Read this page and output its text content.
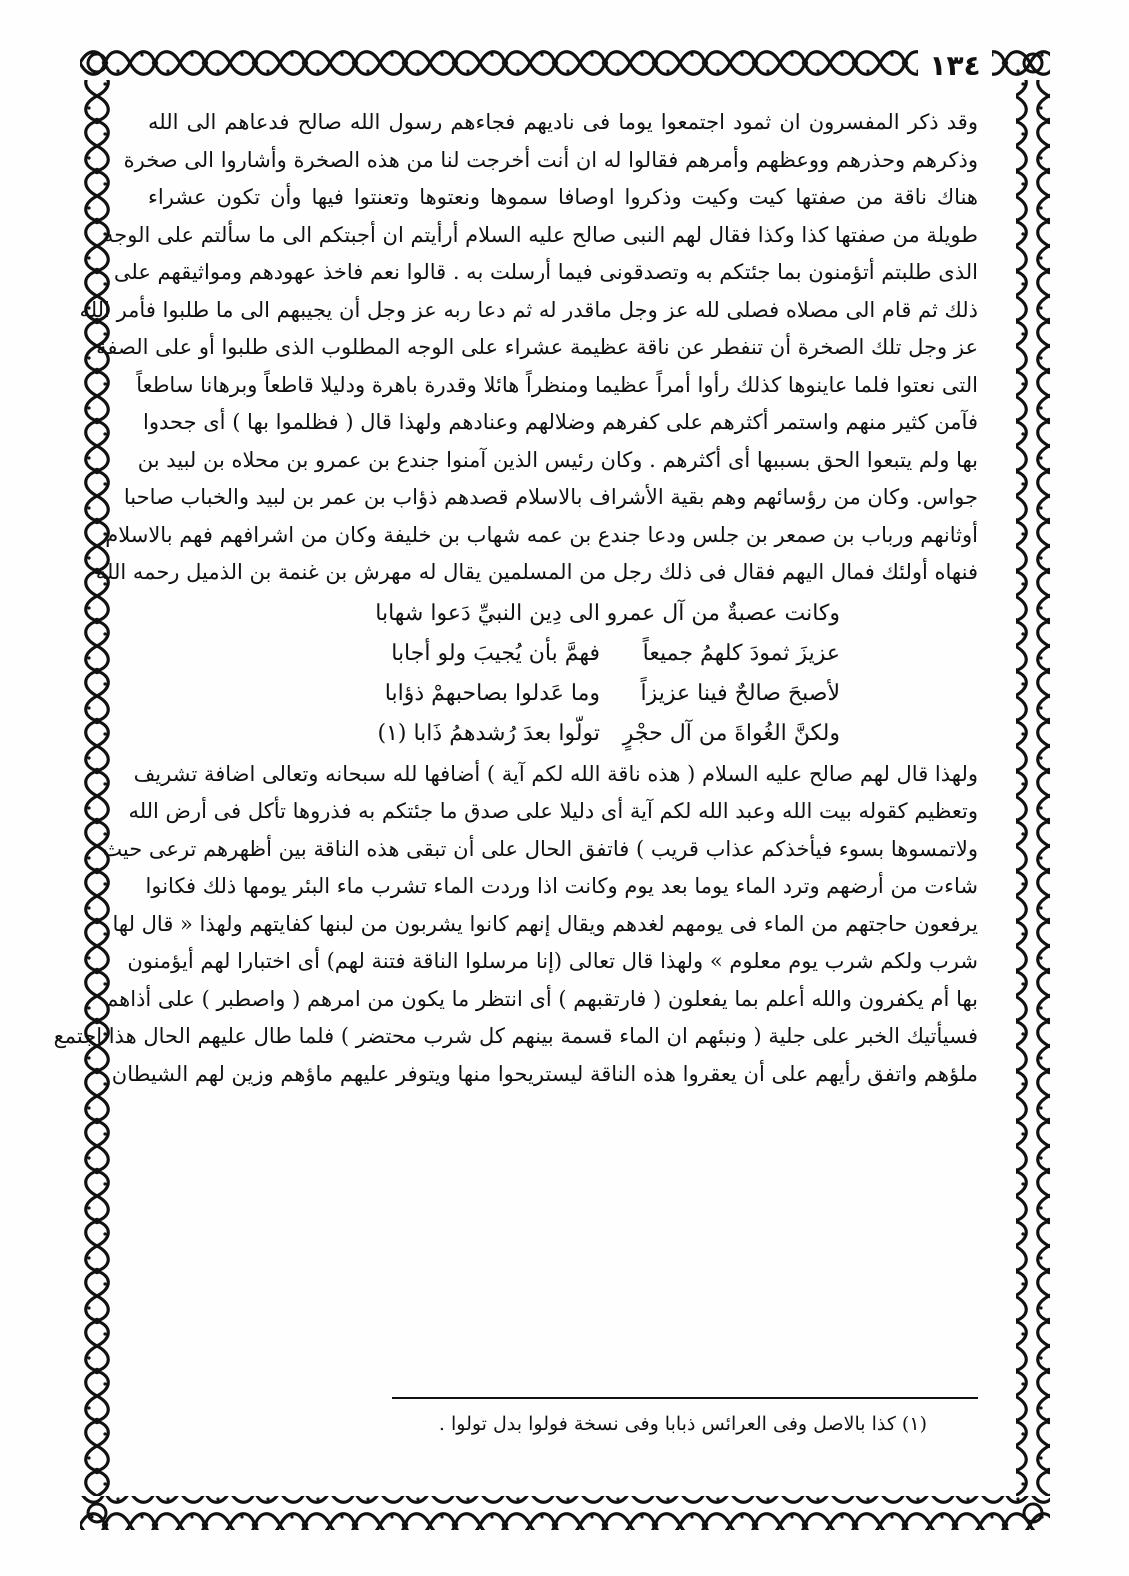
١٣٤
وقد ذكر المفسرون ان ثمود اجتمعوا يوما فى ناديهم فجاءهم رسول الله صالح فدعاهم الى الله
وذكرهم وحذرهم ووعظهم وأمرهم فقالوا له ان أنت أخرجت لنا من هذه الصخرة وأشاروا الى صخرة
هناك ناقة من صفتها كيت وكيت وذكروا اوصافا سموها ونعتوها وتعنتوا فيها وأن تكون عشراء
طويلة من صفتها كذا وكذا فقال لهم النبى صالح عليه السلام أرأيتم ان أجبتكم الى ما سألتم على الوجه
الذى طلبتم أتؤمنون بما جئتكم به وتصدقونى فيما أرسلت به . قالوا نعم فاخذ عهودهم ومواثيقهم على
ذلك ثم قام الى مصلاه فصلى لله عز وجل ماقدر له ثم دعا ربه عز وجل أن يجيبهم الى ما طلبوا فأمر الله
عز وجل تلك الصخرة أن تنفطر عن ناقة عظيمة عشراء على الوجه المطلوب الذى طلبوا أو على الصفة
التى نعتوا فلما عاينوها كذلك رأوا أمراً عظيما ومنظراً هائلا وقدرة باهرة ودليلا قاطعاً وبرهانا ساطعاً
فآمن كثير منهم واستمر أكثرهم على كفرهم وضلالهم وعنادهم ولهذا قال ( فظلموا بها ) أى جحدوا
بها ولم يتبعوا الحق بسببها أى أكثرهم . وكان رئيس الذين آمنوا جندع بن عمرو بن محلاه بن لبيد بن
جواس. وكان من رؤسائهم وهم بقية الأشراف بالاسلام قصدهم ذؤاب بن عمر بن لبيد والخباب صاحبا
أوثانهم ورباب بن صمعر بن جلس ودعا جندع بن عمه شهاب بن خليفة وكان من اشرافهم فهم بالاسلام
فنهاه أولئك فمال اليهم فقال فى ذلك رجل من المسلمين يقال له مهرش بن غنمة بن الذميل رحمه الله
وكانت عصبةٌ من آل عمرو
الى دِين النبيِّ دَعوا شهابا
عزيزَ ثمودَ كلهمُ جميعاً
فهمَّ بأن يُجيبَ ولو أجابا
لأصبحَ صالحٌ فينا عزيزاً
وما عَدلوا بصاحبهمْ ذؤابا
ولكنَّ الغُواةَ من آل حجْرٍ
تولّوا بعدَ رُشدهمُ ذَابا (١)
ولهذا قال لهم صالح عليه السلام ( هذه ناقة الله لكم آية ) أضافها لله سبحانه وتعالى اضافة تشريف
وتعظيم كقوله بيت الله وعبد الله لكم آية أى دليلا على صدق ما جئتكم به فذروها تأكل فى أرض الله
ولاتمسوها بسوء فيأخذكم عذاب قريب ) فاتفق الحال على أن تبقى هذه الناقة بين أظهرهم ترعى حيث
شاءت من أرضهم وترد الماء يوما بعد يوم وكانت اذا وردت الماء تشرب ماء البئر يومها ذلك فكانوا
يرفعون حاجتهم من الماء فى يومهم لغدهم ويقال إنهم كانوا يشربون من لبنها كفايتهم ولهذا « قال لها
شرب ولكم شرب يوم معلوم » ولهذا قال تعالى (إنا مرسلوا الناقة فتنة لهم) أى اختبارا لهم أيؤمنون
بها أم يكفرون والله أعلم بما يفعلون ( فارتقبهم ) أى انتظر ما يكون من امرهم ( واصطبر ) على أذاهم
فسيأتيك الخبر على جلية ( ونبئهم ان الماء قسمة بينهم كل شرب محتضر ) فلما طال عليهم الحال هذا اجتمع
ملؤهم واتفق رأيهم على أن يعقروا هذه الناقة ليستريحوا منها ويتوفر عليهم ماؤهم وزين لهم الشيطان
(١) كذا بالاصل وفى العرائس ذبابا وفى نسخة فولوا بدل تولوا .
